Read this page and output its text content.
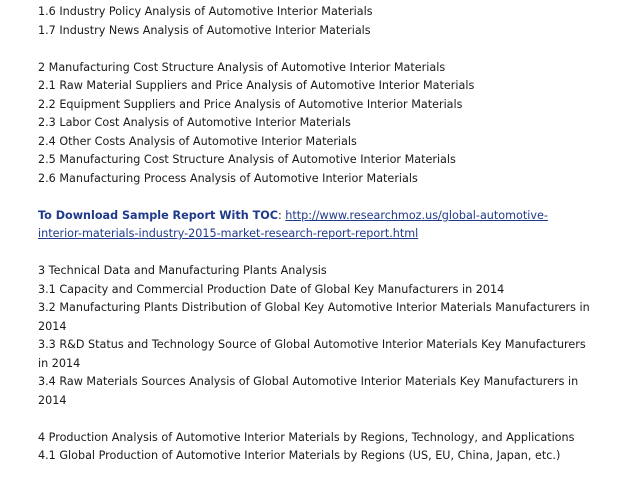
1.6 Industry Policy Analysis of Automotive Interior Materials
1.7 Industry News Analysis of Automotive Interior Materials
2 Manufacturing Cost Structure Analysis of Automotive Interior Materials
2.1 Raw Material Suppliers and Price Analysis of Automotive Interior Materials
2.2 Equipment Suppliers and Price Analysis of Automotive Interior Materials
2.3 Labor Cost Analysis of Automotive Interior Materials
2.4 Other Costs Analysis of Automotive Interior Materials
2.5 Manufacturing Cost Structure Analysis of Automotive Interior Materials
2.6 Manufacturing Process Analysis of Automotive Interior Materials
To Download Sample Report With TOC: http://www.researchmoz.us/global-automotive-
interior-materials-industry-2015-market-research-report-report.html
3 Technical Data and Manufacturing Plants Analysis
3.1 Capacity and Commercial Production Date of Global Key Manufacturers in 2014
3.2 Manufacturing Plants Distribution of Global Key Automotive Interior Materials Manufacturers in 2014
3.3 R&D Status and Technology Source of Global Automotive Interior Materials Key Manufacturers in 2014
3.4 Raw Materials Sources Analysis of Global Automotive Interior Materials Key Manufacturers in 2014
4 Production Analysis of Automotive Interior Materials by Regions, Technology, and Applications
4.1 Global Production of Automotive Interior Materials by Regions (US, EU, China, Japan, etc.)
